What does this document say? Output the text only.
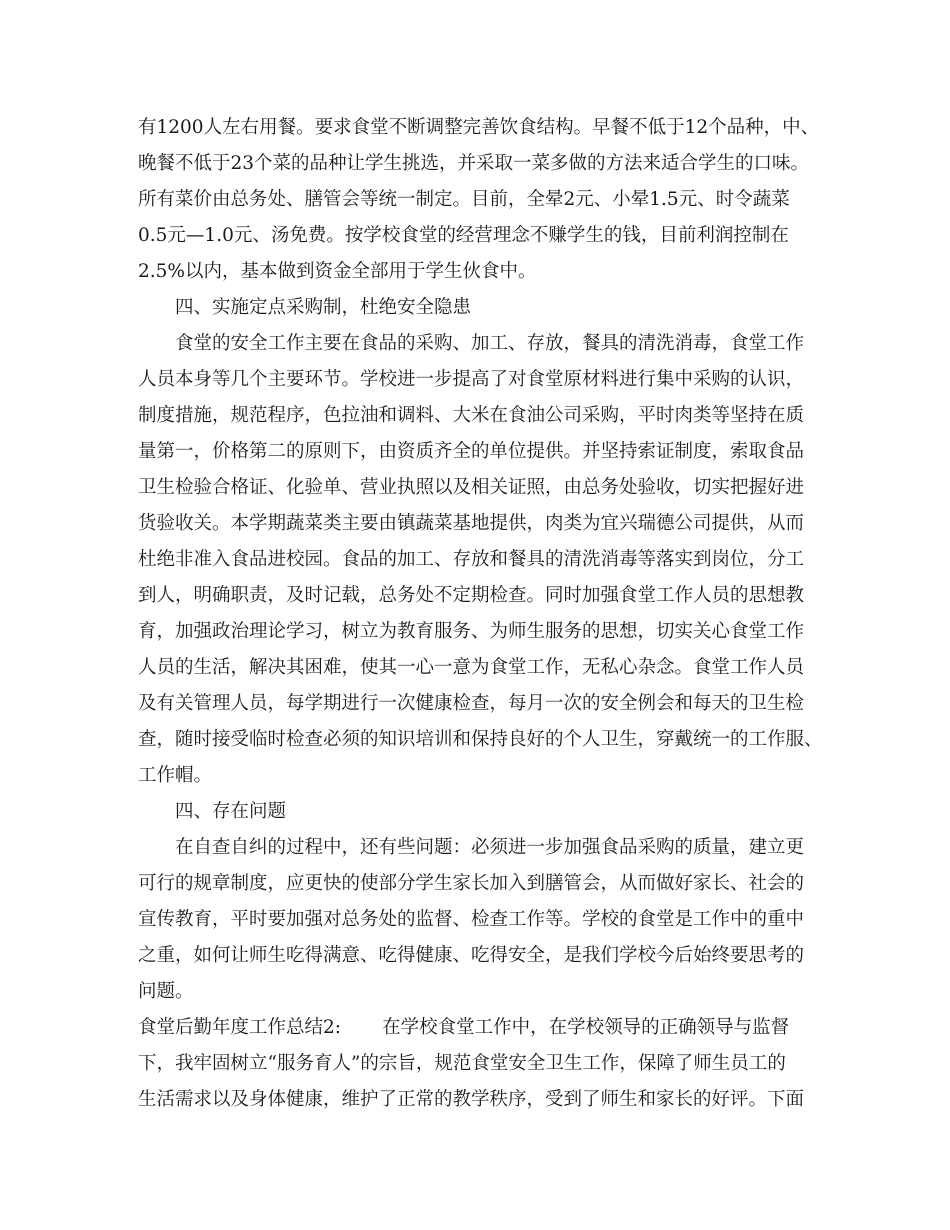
有1200人左右用餐。要求食堂不断调整完善饮食结构。早餐不低于12个品种，中、
晚餐不低于23个菜的品种让学生挑选，并采取一菜多做的方法来适合学生的口味。
所有菜价由总务处、膳管会等统一制定。目前，全晕2元、小晕1.5元、时令蔬菜
0.5元—1.0元、汤免费。按学校食堂的经营理念不赚学生的钱，目前利润控制在
2.5%以内，基本做到资金全部用于学生伙食中。
四、实施定点采购制，杜绝安全隐患
食堂的安全工作主要在食品的采购、加工、存放，餐具的清洗消毒，食堂工作
人员本身等几个主要环节。学校进一步提高了对食堂原材料进行集中采购的认识，
制度措施，规范程序，色拉油和调料、大米在食油公司采购，平时肉类等坚持在质
量第一，价格第二的原则下，由资质齐全的单位提供。并坚持索证制度，索取食品
卫生检验合格证、化验单、营业执照以及相关证照，由总务处验收，切实把握好进
货验收关。本学期蔬菜类主要由镇蔬菜基地提供，肉类为宜兴瑞德公司提供，从而
杜绝非准入食品进校园。食品的加工、存放和餐具的清洗消毒等落实到岗位，分工
到人，明确职责，及时记载，总务处不定期检查。同时加强食堂工作人员的思想教
育，加强政治理论学习，树立为教育服务、为师生服务的思想，切实关心食堂工作
人员的生活，解决其困难，使其一心一意为食堂工作，无私心杂念。食堂工作人员
及有关管理人员，每学期进行一次健康检查，每月一次的安全例会和每天的卫生检
查，随时接受临时检查必须的知识培训和保持良好的个人卫生，穿戴统一的工作服、
工作帽。
四、存在问题
在自查自纠的过程中，还有些问题：必须进一步加强食品采购的质量，建立更
可行的规章制度，应更快的使部分学生家长加入到膳管会，从而做好家长、社会的
宣传教育，平时要加强对总务处的监督、检查工作等。学校的食堂是工作中的重中
之重，如何让师生吃得满意、吃得健康、吃得安全，是我们学校今后始终要思考的
问题。
食堂后勤年度工作总结2:       在学校食堂工作中，在学校领导的正确领导与监督
下，我牢固树立“服务育人”的宗旨，规范食堂安全卫生工作，保障了师生员工的
生活需求以及身体健康，维护了正常的教学秩序，受到了师生和家长的好评。下面
